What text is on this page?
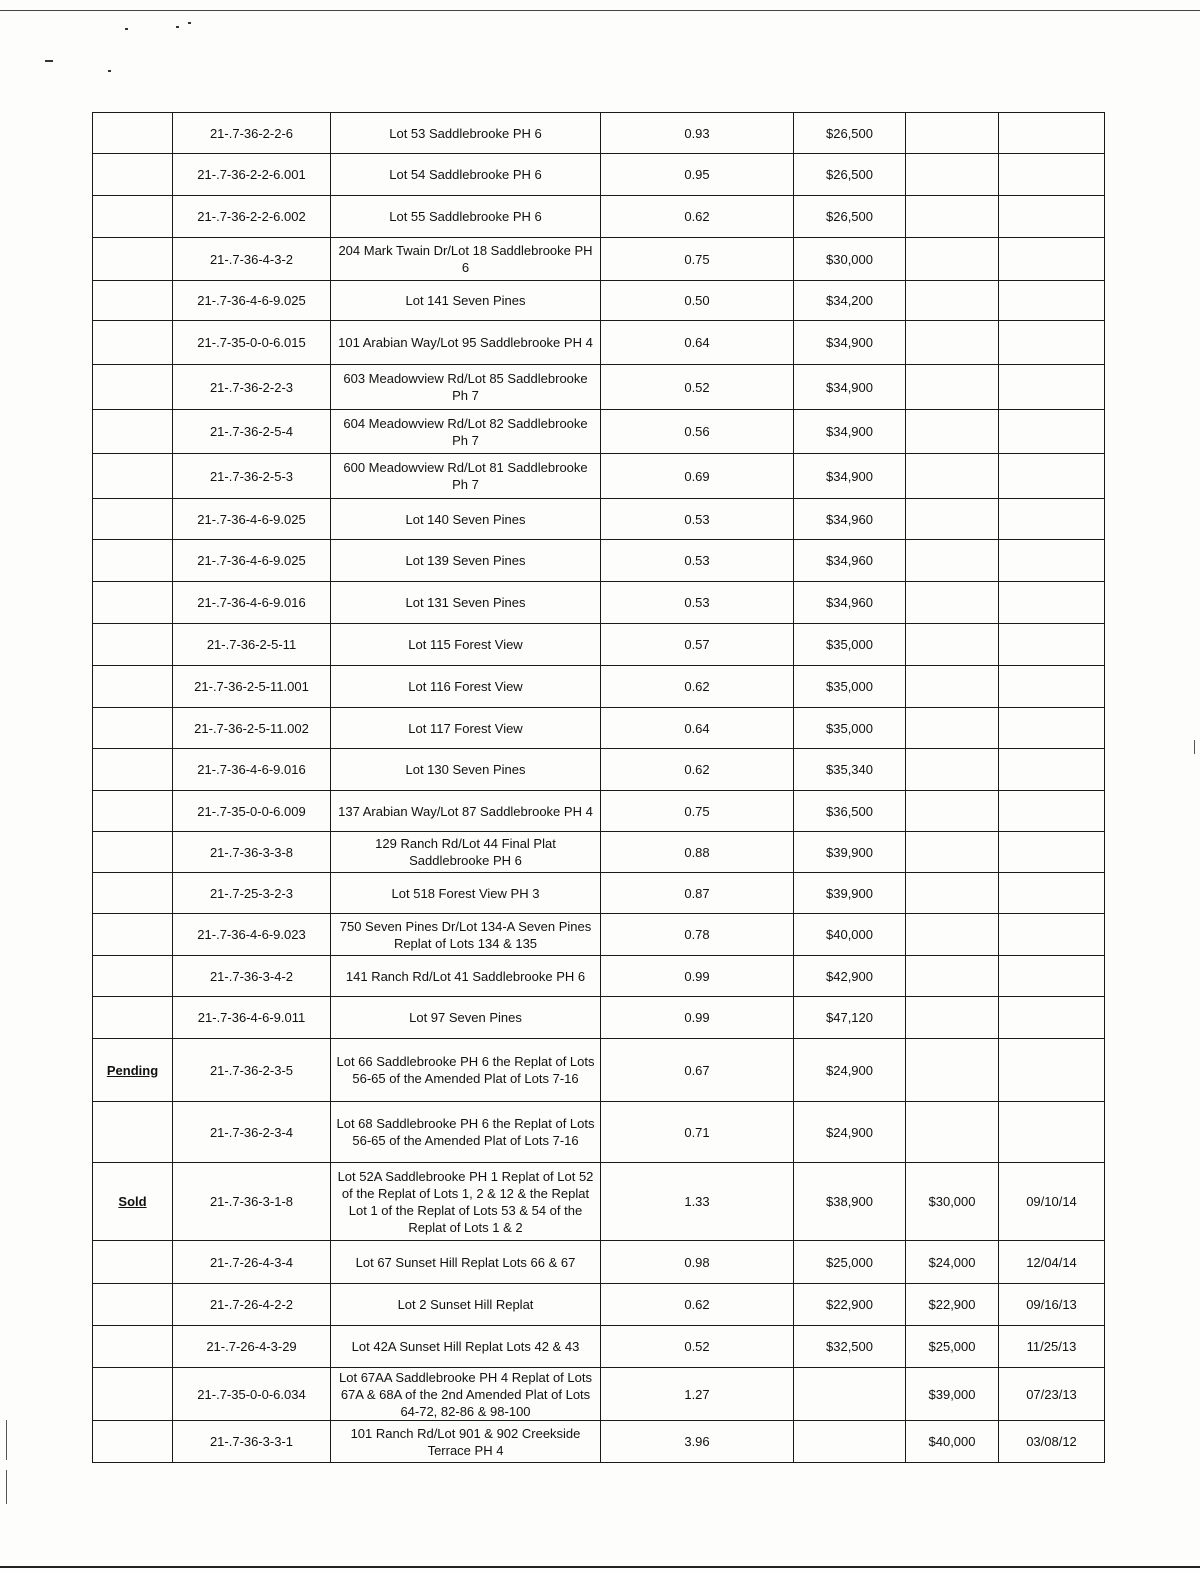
	21-.7-36-2-2-6	Lot 53 Saddlebrooke PH 6	0.93	$26,500		
	21-.7-36-2-2-6.001	Lot 54 Saddlebrooke PH 6	0.95	$26,500		
	21-.7-36-2-2-6.002	Lot 55 Saddlebrooke PH 6	0.62	$26,500		
	21-.7-36-4-3-2	204 Mark Twain Dr/Lot 18 Saddlebrooke PH 6	0.75	$30,000		
	21-.7-36-4-6-9.025	Lot 141 Seven Pines	0.50	$34,200		
	21-.7-35-0-0-6.015	101 Arabian Way/Lot 95 Saddlebrooke PH 4	0.64	$34,900		
	21-.7-36-2-2-3	603 Meadowview Rd/Lot 85 Saddlebrooke Ph 7	0.52	$34,900		
	21-.7-36-2-5-4	604 Meadowview Rd/Lot 82 Saddlebrooke Ph 7	0.56	$34,900		
	21-.7-36-2-5-3	600 Meadowview Rd/Lot 81 Saddlebrooke Ph 7	0.69	$34,900		
	21-.7-36-4-6-9.025	Lot 140 Seven Pines	0.53	$34,960		
	21-.7-36-4-6-9.025	Lot 139 Seven Pines	0.53	$34,960		
	21-.7-36-4-6-9.016	Lot 131 Seven Pines	0.53	$34,960		
	21-.7-36-2-5-11	Lot 115 Forest View	0.57	$35,000		
	21-.7-36-2-5-11.001	Lot 116 Forest View	0.62	$35,000		
	21-.7-36-2-5-11.002	Lot 117 Forest View	0.64	$35,000		
	21-.7-36-4-6-9.016	Lot 130 Seven Pines	0.62	$35,340		
	21-.7-35-0-0-6.009	137 Arabian Way/Lot 87 Saddlebrooke PH 4	0.75	$36,500		
	21-.7-36-3-3-8	129 Ranch Rd/Lot 44 Final Plat Saddlebrooke PH 6	0.88	$39,900		
	21-.7-25-3-2-3	Lot 518 Forest View PH 3	0.87	$39,900		
	21-.7-36-4-6-9.023	750 Seven Pines Dr/Lot 134-A Seven Pines Replat of Lots 134 & 135	0.78	$40,000		
	21-.7-36-3-4-2	141 Ranch Rd/Lot 41 Saddlebrooke PH 6	0.99	$42,900		
	21-.7-36-4-6-9.011	Lot 97 Seven Pines	0.99	$47,120		
Pending	21-.7-36-2-3-5	Lot 66 Saddlebrooke PH 6 the Replat of Lots 56-65 of the Amended Plat of Lots 7-16	0.67	$24,900		
	21-.7-36-2-3-4	Lot 68 Saddlebrooke PH 6 the Replat of Lots 56-65 of the Amended Plat of Lots 7-16	0.71	$24,900		
Sold	21-.7-36-3-1-8	Lot 52A Saddlebrooke PH 1 Replat of Lot 52 of the Replat of Lots 1, 2 & 12 & the Replat Lot 1 of the Replat of Lots 53 & 54 of the Replat of Lots 1 & 2	1.33	$38,900	$30,000	09/10/14
	21-.7-26-4-3-4	Lot 67 Sunset Hill Replat Lots 66 & 67	0.98	$25,000	$24,000	12/04/14
	21-.7-26-4-2-2	Lot 2 Sunset Hill Replat	0.62	$22,900	$22,900	09/16/13
	21-.7-26-4-3-29	Lot 42A Sunset Hill Replat Lots 42 & 43	0.52	$32,500	$25,000	11/25/13
	21-.7-35-0-0-6.034	Lot 67AA Saddlebrooke PH 4 Replat of Lots 67A & 68A of the 2nd Amended Plat of Lots 64-72, 82-86 & 98-100	1.27		$39,000	07/23/13
	21-.7-36-3-3-1	101 Ranch Rd/Lot 901 & 902 Creekside Terrace PH 4	3.96		$40,000	03/08/12
